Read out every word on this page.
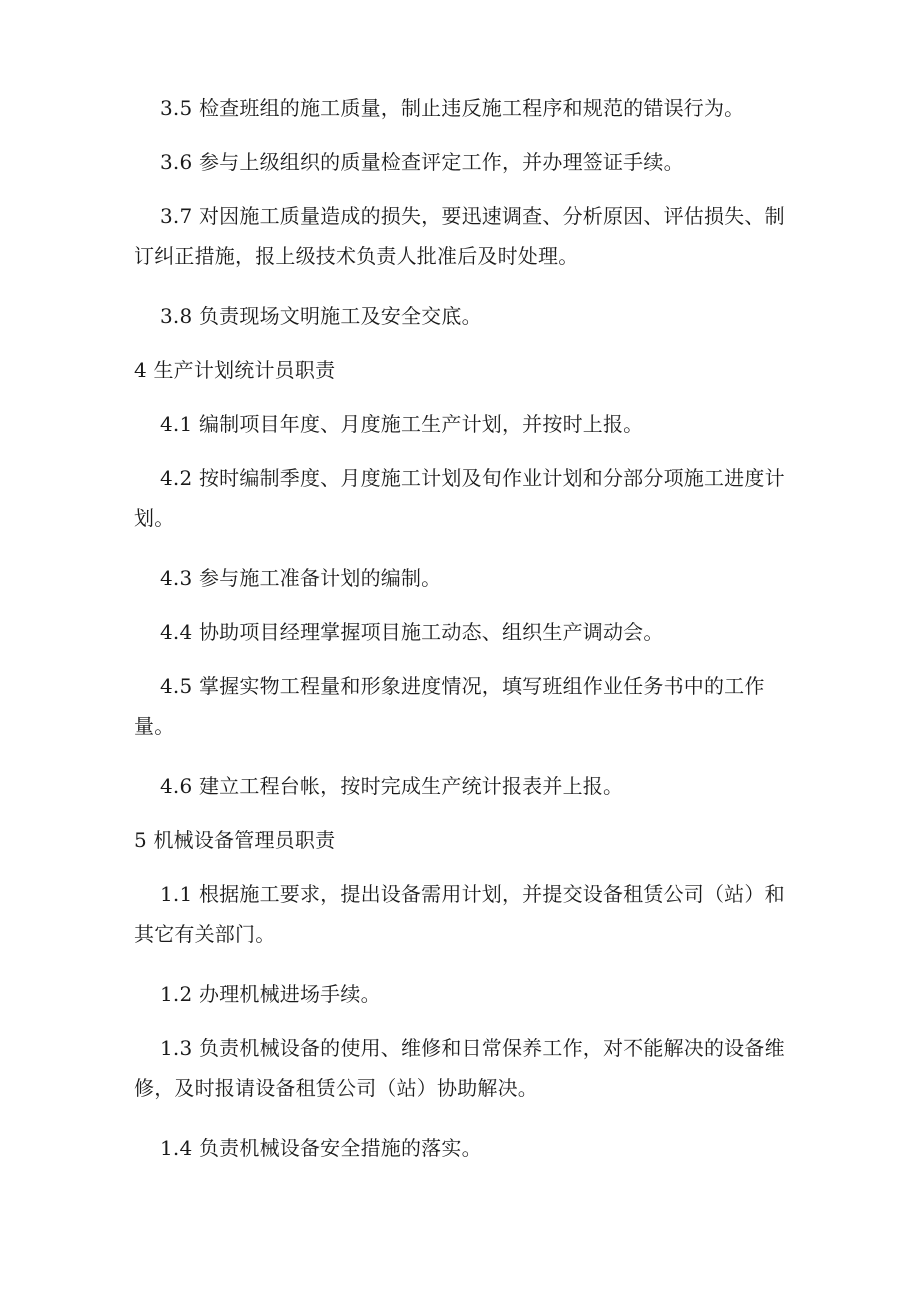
3.5 检查班组的施工质量，制止违反施工程序和规范的错误行为。

3.6 参与上级组织的质量检查评定工作，并办理签证手续。

3.7 对因施工质量造成的损失，要迅速调查、分析原因、评估损失、制订纠正措施，报上级技术负责人批准后及时处理。

3.8 负责现场文明施工及安全交底。

4 生产计划统计员职责

4.1 编制项目年度、月度施工生产计划，并按时上报。

4.2 按时编制季度、月度施工计划及旬作业计划和分部分项施工进度计划。

4.3 参与施工准备计划的编制。

4.4 协助项目经理掌握项目施工动态、组织生产调动会。

4.5 掌握实物工程量和形象进度情况，填写班组作业任务书中的工作量。

4.6 建立工程台帐，按时完成生产统计报表并上报。

5 机械设备管理员职责

1.1 根据施工要求，提出设备需用计划，并提交设备租赁公司（站）和其它有关部门。

1.2 办理机械进场手续。

1.3 负责机械设备的使用、维修和日常保养工作，对不能解决的设备维修，及时报请设备租赁公司（站）协助解决。

1.4 负责机械设备安全措施的落实。
